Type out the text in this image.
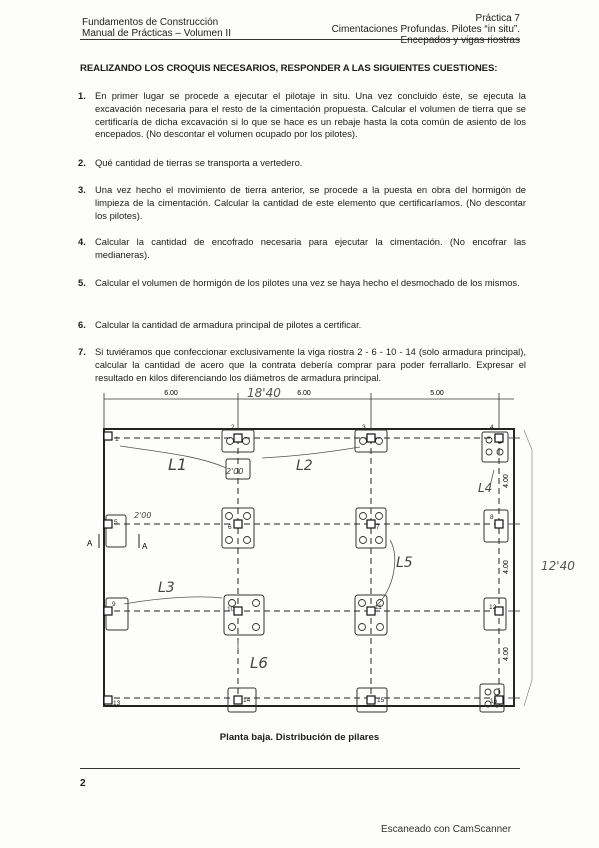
Fundamentos de Construcción
Manual de Prácticas – Volumen II
Práctica 7
Cimentaciones Profundas. Pilotes “in situ”.
Encepados y vigas riostras
REALIZANDO LOS CROQUIS NECESARIOS, RESPONDER A LAS SIGUIENTES CUESTIONES:
1. En primer lugar se procede a ejecutar el pilotaje in situ. Una vez concluido éste, se ejecuta la excavación necesaria para el resto de la cimentación propuesta. Calcular el volumen de tierra que se certificaría de dicha excavación si lo que se hace es un rebaje hasta la cota común de asiento de los encepados. (No descontar el volumen ocupado por los pilotes).
2. Qué cantidad de tierras se transporta a vertedero.
3. Una vez hecho el movimiento de tierra anterior, se procede a la puesta en obra del hormigón de limpieza de la cimentación. Calcular la cantidad de este elemento que certificaríamos. (No descontar los pilotes).
4. Calcular la cantidad de encofrado necesaria para ejecutar la cimentación. (No encofrar las medianeras).
5. Calcular el volumen de hormigón de los pilotes una vez se haya hecho el desmochado de los mismos.
6. Calcular la cantidad de armadura principal de pilotes a certificar.
7. Si tuviéramos que confeccionar exclusivamente la viga riostra 2 - 6 - 10 - 14 (solo armadura principal), calcular la cantidad de acero que la contrata debería comprar para poder ferrallarlo. Expresar el resultado en kilos diferenciando los diámetros de armadura principal.
6.00	6.00	5.00
18'40
4.00
4.00
4.00
12'40
1
2	3	4
5
6	7
8
9
10	11	12
13	14	15	16
A	A
L1	L2
L3
L4
L5
L6
2'00
2'00
Planta baja. Distribución de pilares
2
Escaneado con CamScanner
